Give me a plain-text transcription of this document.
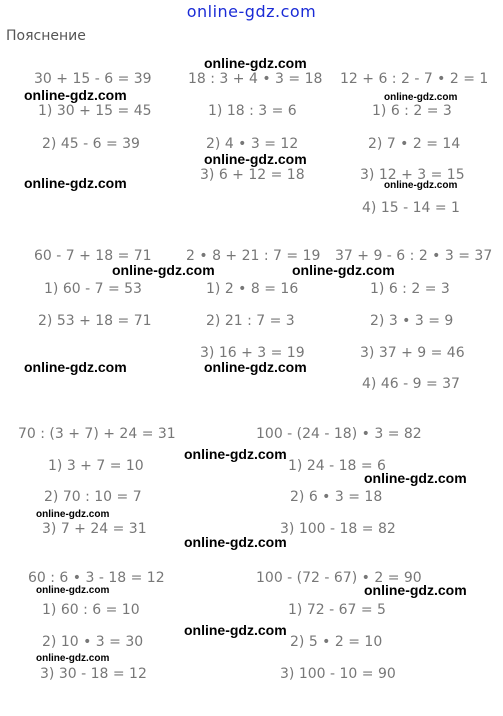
online-gdz.com
Пояснение
30 + 15 - 6 = 39
1) 30 + 15 = 45
2) 45 - 6 = 39
18 : 3 + 4 • 3 = 18
1) 18 : 3 = 6
2) 4 • 3 = 12
3) 6 + 12 = 18
12 + 6 : 2 - 7 • 2 = 1
1) 6 : 2 = 3
2) 7 • 2 = 14
3) 12 + 3 = 15
4) 15 - 14 = 1
60 - 7 + 18 = 71
1) 60 - 7 = 53
2) 53 + 18 = 71
2 • 8 + 21 : 7 = 19
1) 2 • 8 = 16
2) 21 : 7 = 3
3) 16 + 3 = 19
37 + 9 - 6 : 2 • 3 = 37
1) 6 : 2 = 3
2) 3 • 3 = 9
3) 37 + 9 = 46
4) 46 - 9 = 37
70 : (3 + 7) + 24 = 31
1) 3 + 7 = 10
2) 70 : 10 = 7
3) 7 + 24 = 31
100 - (24 - 18) • 3 = 82
1) 24 - 18 = 6
2) 6 • 3 = 18
3) 100 - 18 = 82
60 : 6 • 3 - 18 = 12
1) 60 : 6 = 10
2) 10 • 3 = 30
3) 30 - 18 = 12
100 - (72 - 67) • 2 = 90
1) 72 - 67 = 5
2) 5 • 2 = 10
3) 100 - 10 = 90
online-gdz.com
online-gdz.com	online-gdz.com
online-gdz.com
online-gdz.com	online-gdz.com
online-gdz.com	online-gdz.com
online-gdz.com	online-gdz.com
online-gdz.com
online-gdz.com
online-gdz.com
online-gdz.com
online-gdz.com	online-gdz.com
online-gdz.com
online-gdz.com
